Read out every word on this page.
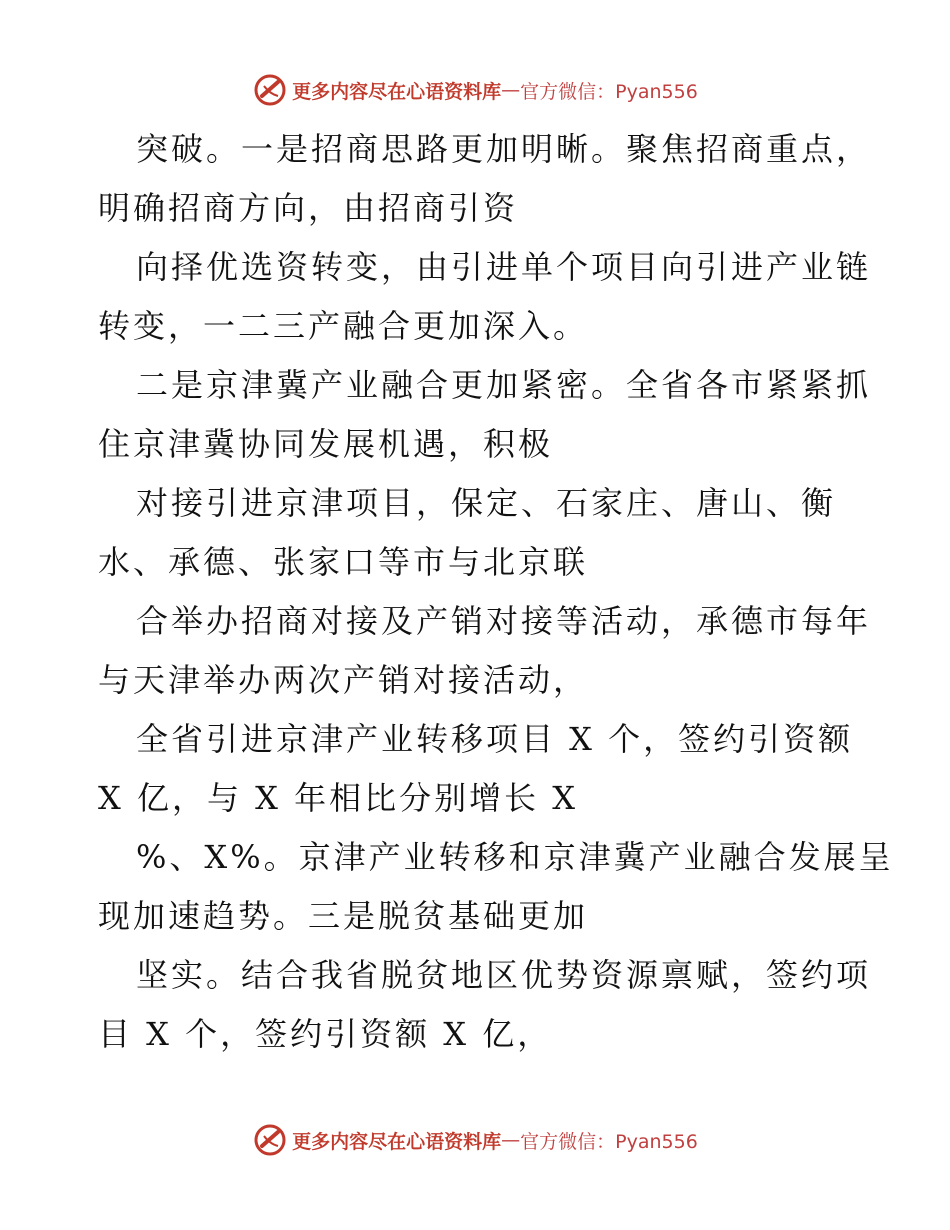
更多内容尽在心语资料库 — 官方微信：Pyan556

突破。一是招商思路更加明晰。聚焦招商重点，
明确招商方向，由招商引资

向择优选资转变，由引进单个项目向引进产业链
转变，一二三产融合更加深入。

二是京津冀产业融合更加紧密。全省各市紧紧抓
住京津冀协同发展机遇，积极

对接引进京津项目，保定、石家庄、唐山、衡
水、承德、张家口等市与北京联

合举办招商对接及产销对接等活动，承德市每年
与天津举办两次产销对接活动，

全省引进京津产业转移项目 X 个，签约引资额
X 亿，与 X 年相比分别增长 X

%、X%。京津产业转移和京津冀产业融合发展呈
现加速趋势。三是脱贫基础更加

坚实。结合我省脱贫地区优势资源禀赋，签约项
目 X 个，签约引资额 X 亿，

更多内容尽在心语资料库 — 官方微信：Pyan556
